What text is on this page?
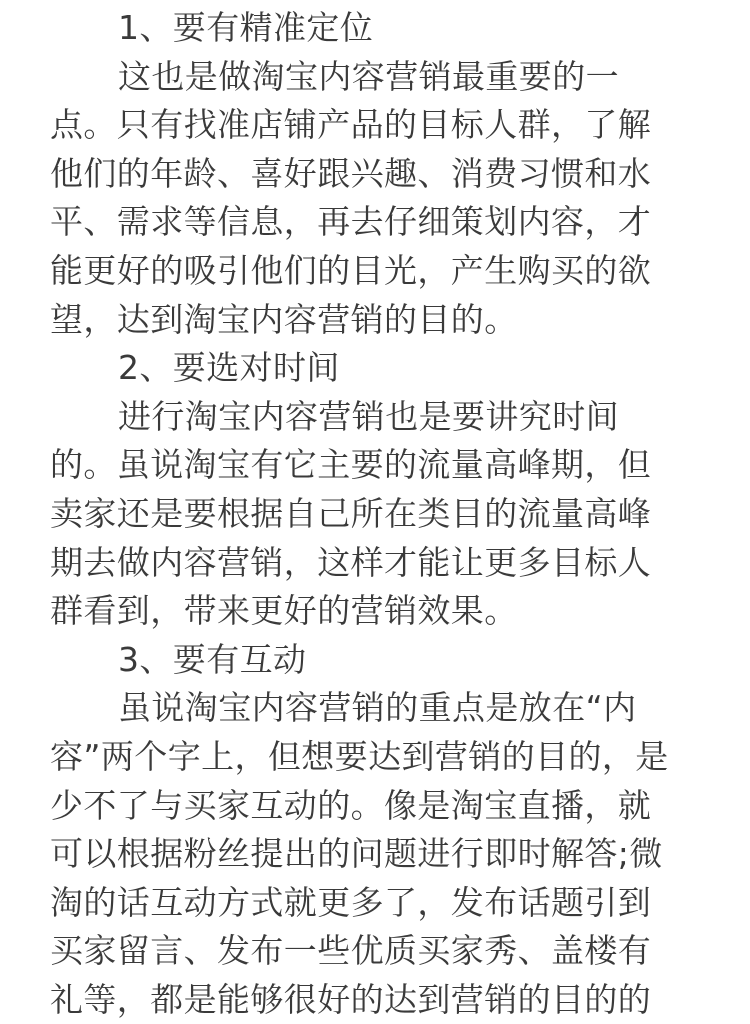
1、要有精准定位
这也是做淘宝内容营销最重要的一
点。只有找准店铺产品的目标人群，了解
他们的年龄、喜好跟兴趣、消费习惯和水
平、需求等信息，再去仔细策划内容，才
能更好的吸引他们的目光，产生购买的欲
望，达到淘宝内容营销的目的。
2、要选对时间
进行淘宝内容营销也是要讲究时间
的。虽说淘宝有它主要的流量高峰期，但
卖家还是要根据自己所在类目的流量高峰
期去做内容营销，这样才能让更多目标人
群看到，带来更好的营销效果。
3、要有互动
虽说淘宝内容营销的重点是放在“内
容”两个字上，但想要达到营销的目的，是
少不了与买家互动的。像是淘宝直播，就
可以根据粉丝提出的问题进行即时解答;微
淘的话互动方式就更多了，发布话题引到
买家留言、发布一些优质买家秀、盖楼有
礼等，都是能够很好的达到营销的目的的
